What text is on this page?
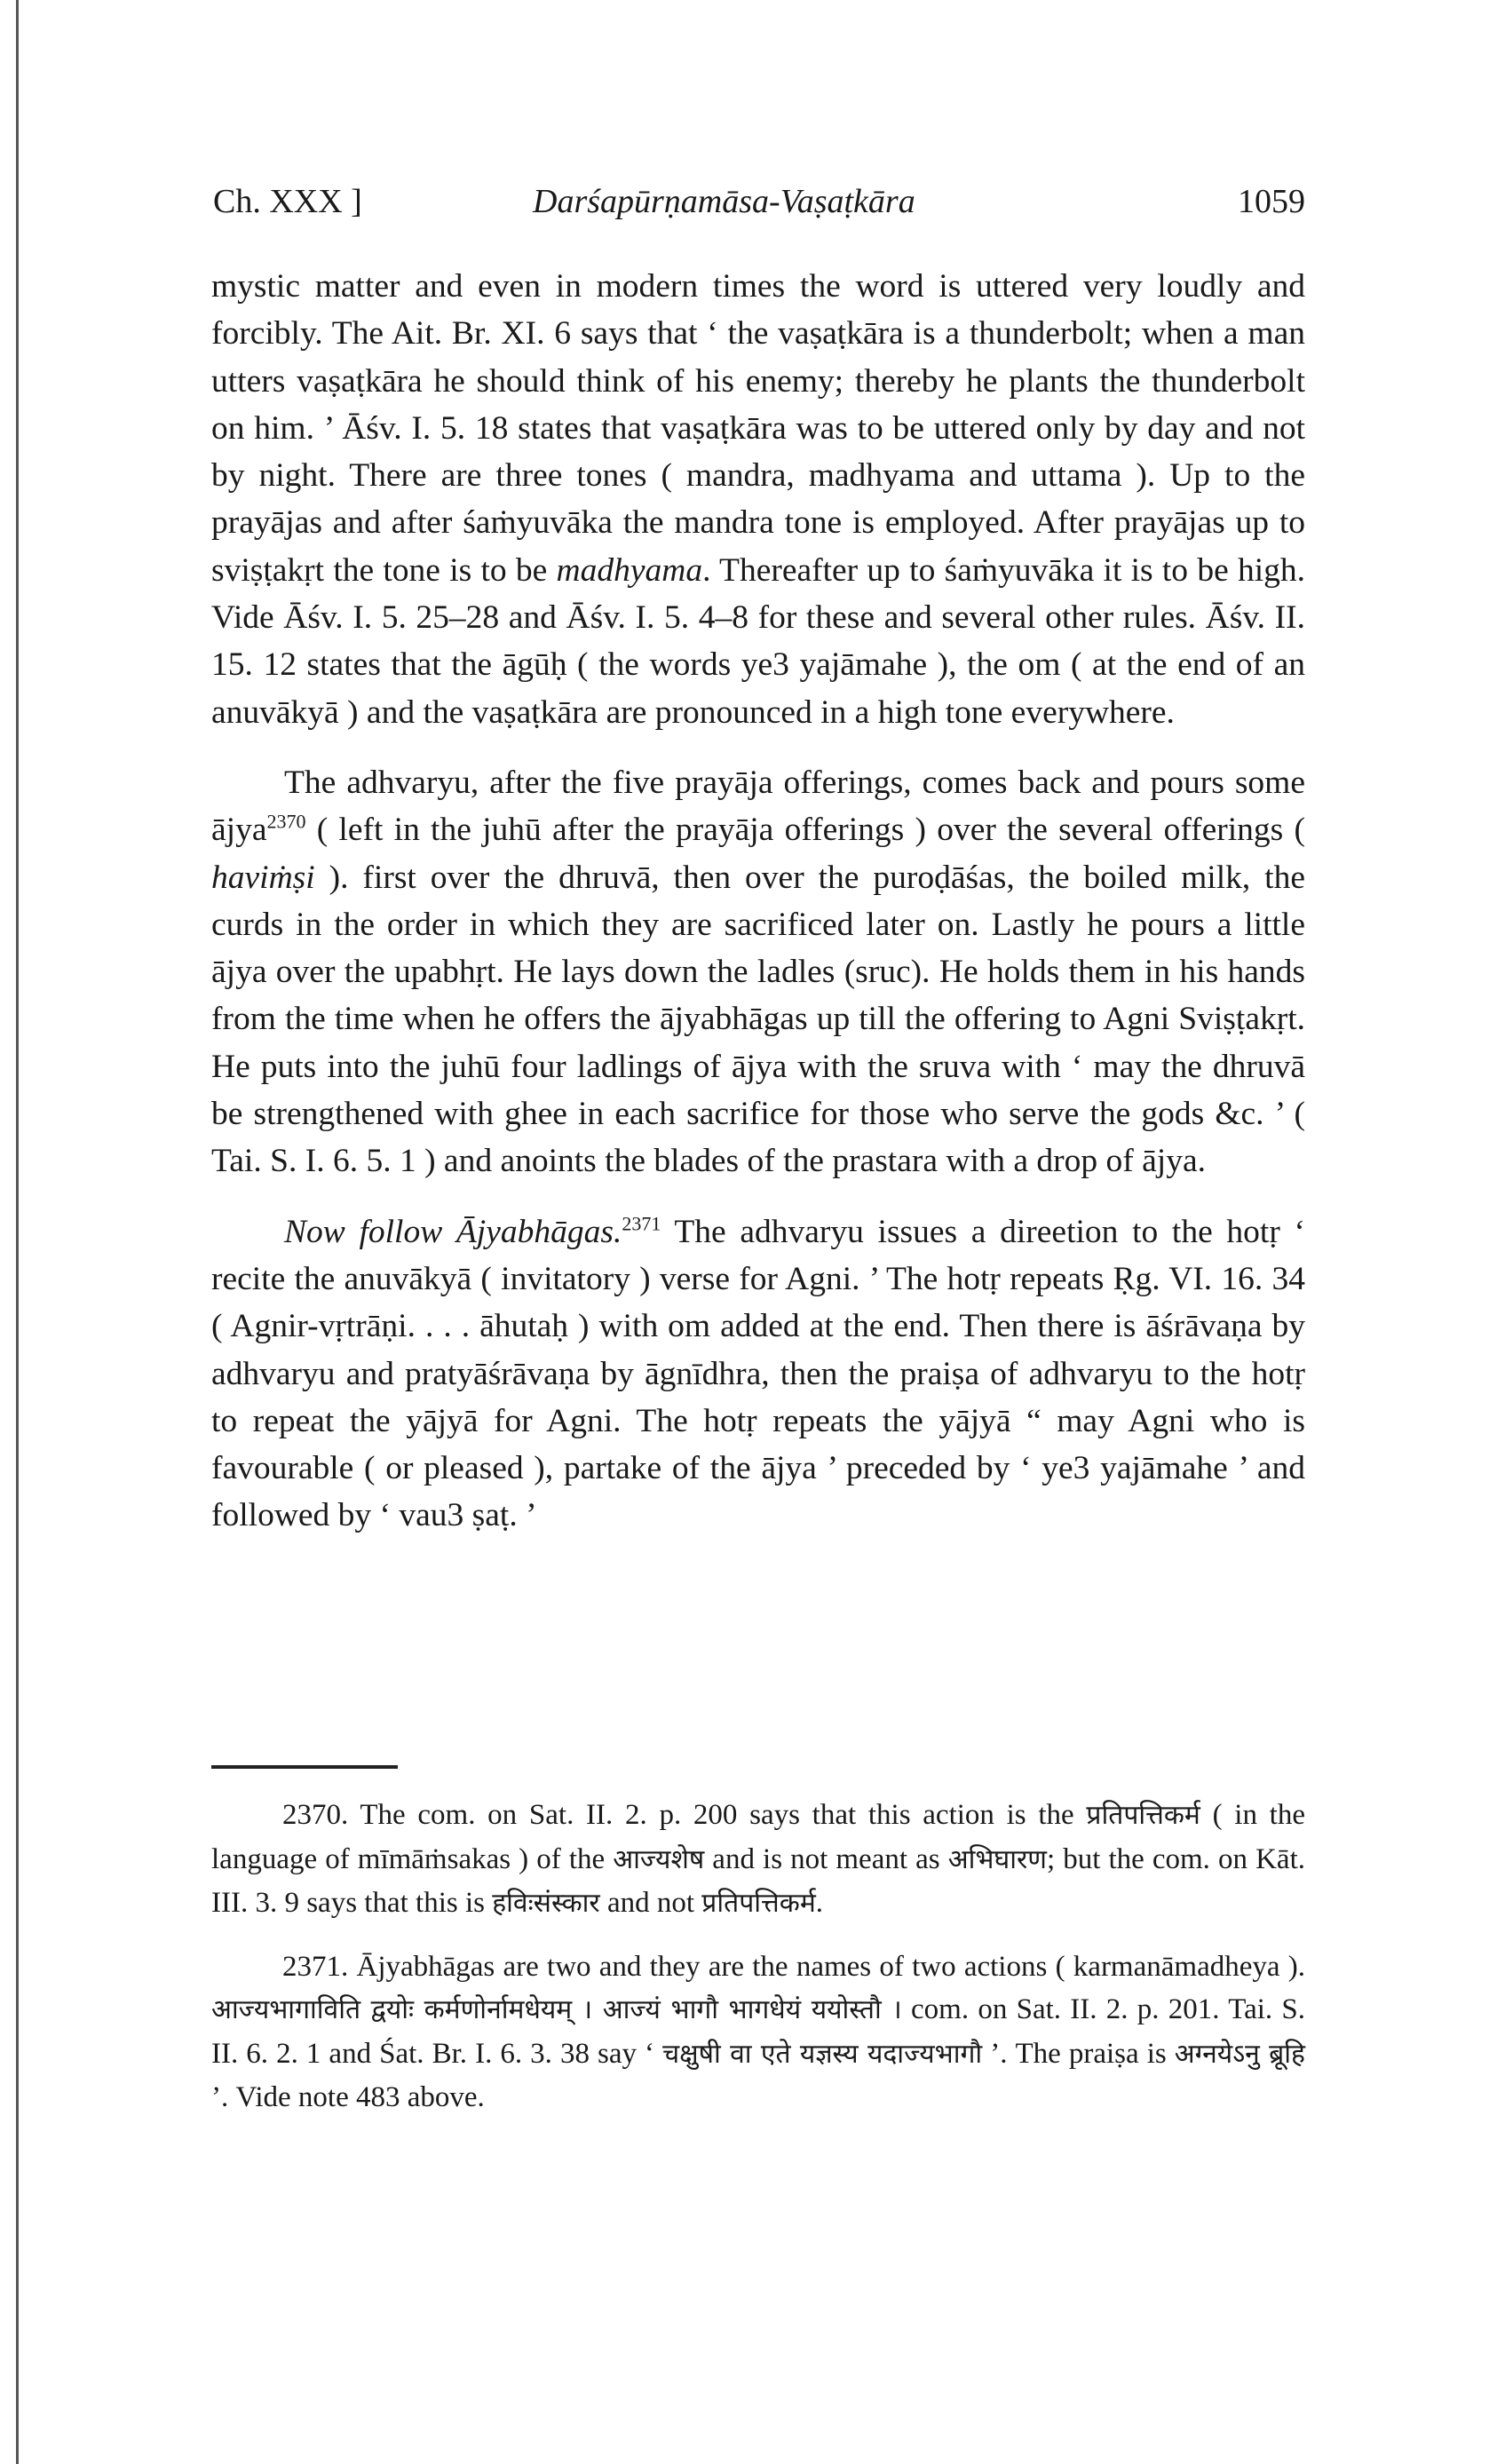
Ch. XXX ]	Darśapūrṇamāsa-Vaṣaṭkāra	1059

mystic matter and even in modern times the word is uttered very loudly and forcibly. The Ait. Br. XI. 6 says that ‘ the vaṣaṭkāra is a thunderbolt; when a man utters vaṣaṭkāra he should think of his enemy; thereby he plants the thunderbolt on him. ’ Āśv. I. 5. 18 states that vaṣaṭkāra was to be uttered only by day and not by night. There are three tones ( mandra, madhyama and uttama ). Up to the prayājas and after śaṁyuvāka the mandra tone is employed. After prayājas up to sviṣṭakṛt the tone is to be madhyama. Thereafter up to śaṁyuvāka it is to be high. Vide Āśv. I. 5. 25–28 and Āśv. I. 5. 4–8 for these and several other rules. Āśv. II. 15. 12 states that the āgūḥ ( the words ye3 yajāmahe ), the om ( at the end of an anuvākyā ) and the vaṣaṭkāra are pronounced in a high tone everywhere.

The adhvaryu, after the five prayāja offerings, comes back and pours some ājya$^{2370}$ ( left in the juhū after the prayāja offerings ) over the several offerings ( haviṁṣi ). first over the dhruvā, then over the puroḍāśas, the boiled milk, the curds in the order in which they are sacrificed later on. Lastly he pours a little ājya over the upabhṛt. He lays down the ladles (sruc). He holds them in his hands from the time when he offers the ājyabhāgas up till the offering to Agni Sviṣṭakṛt. He puts into the juhū four ladlings of ājya with the sruva with ‘ may the dhruvā be strengthened with ghee in each sacrifice for those who serve the gods &c. ’ ( Tai. S. I. 6. 5. 1 ) and anoints the blades of the prastara with a drop of ājya.

Now follow Ājyabhāgas.$^{2371}$ The adhvaryu issues a direetion to the hotṛ ‘ recite the anuvākyā ( invitatory ) verse for Agni. ’ The hotṛ repeats Ṛg. VI. 16. 34 ( Agnir-vṛtrāṇi. . . . āhutaḥ ) with om added at the end. Then there is āśrāvaṇa by adhvaryu and pratyāśrāvaṇa by āgnīdhra, then the praiṣa of adhvaryu to the hotṛ to repeat the yājyā for Agni. The hotṛ repeats the yājyā “ may Agni who is favourable ( or pleased ), partake of the ājya ’ preceded by ‘ ye3 yajāmahe ’ and followed by ‘ vau3 ṣaṭ. ’

2370. The com. on Sat. II. 2. p. 200 says that this action is the प्रतिपत्तिकर्म ( in the language of mīmāṁsakas ) of the आज्यशेष and is not meant as अभिघारण; but the com. on Kāt. III. 3. 9 says that this is हविःसंस्कार and not प्रतिपत्तिकर्म.

2371. Ājyabhāgas are two and they are the names of two actions ( karmanāmadheya ). आज्यभागाविति द्वयोः कर्मणोर्नामधेयम् । आज्यं भागौ भागधेयं ययोस्तौ । com. on Sat. II. 2. p. 201. Tai. S. II. 6. 2. 1 and Śat. Br. I. 6. 3. 38 say ‘ चक्षुषी वा एते यज्ञस्य यदाज्यभागौ ’. The praiṣa is अग्नयेऽनु ब्रूहि ’. Vide note 483 above.
